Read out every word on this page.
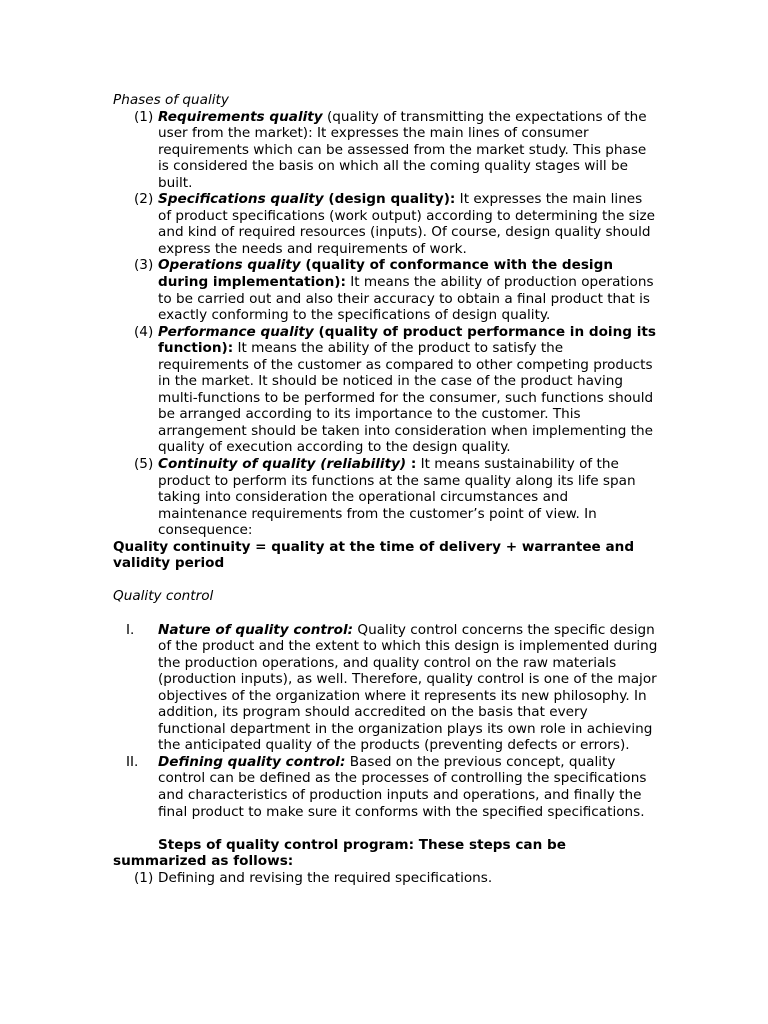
Phases of quality
(1) Requirements quality (quality of transmitting the expectations of the user from the market): It expresses the main lines of consumer requirements which can be assessed from the market study. This phase is considered the basis on which all the coming quality stages will be built.
(2) Specifications quality (design quality): It expresses the main lines of product specifications (work output) according to determining the size and kind of required resources (inputs). Of course, design quality should express the needs and requirements of work.
(3) Operations quality (quality of conformance with the design during implementation): It means the ability of production operations to be carried out and also their accuracy to obtain a final product that is exactly conforming to the specifications of design quality.
(4) Performance quality (quality of product performance in doing its function): It means the ability of the product to satisfy the requirements of the customer as compared to other competing products in the market. It should be noticed in the case of the product having multi-functions to be performed for the consumer, such functions should be arranged according to its importance to the customer. This arrangement should be taken into consideration when implementing the quality of execution according to the design quality.
(5) Continuity of quality (reliability) : It means sustainability of the product to perform its functions at the same quality along its life span taking into consideration the operational circumstances and maintenance requirements from the customer’s point of view. In consequence:
Quality continuity = quality at the time of delivery + warrantee and validity period
Quality control
I. Nature of quality control: Quality control concerns the specific design of the product and the extent to which this design is implemented during the production operations, and quality control on the raw materials (production inputs), as well. Therefore, quality control is one of the major objectives of the organization where it represents its new philosophy. In addition, its program should accredited on the basis that every functional department in the organization plays its own role in achieving the anticipated quality of the products (preventing defects or errors).
II. Defining quality control: Based on the previous concept, quality control can be defined as the processes of controlling the specifications and characteristics of production inputs and operations, and finally the final product to make sure it conforms with the specified specifications.
Steps of quality control program: These steps can be
summarized as follows:
(1) Defining and revising the required specifications.
